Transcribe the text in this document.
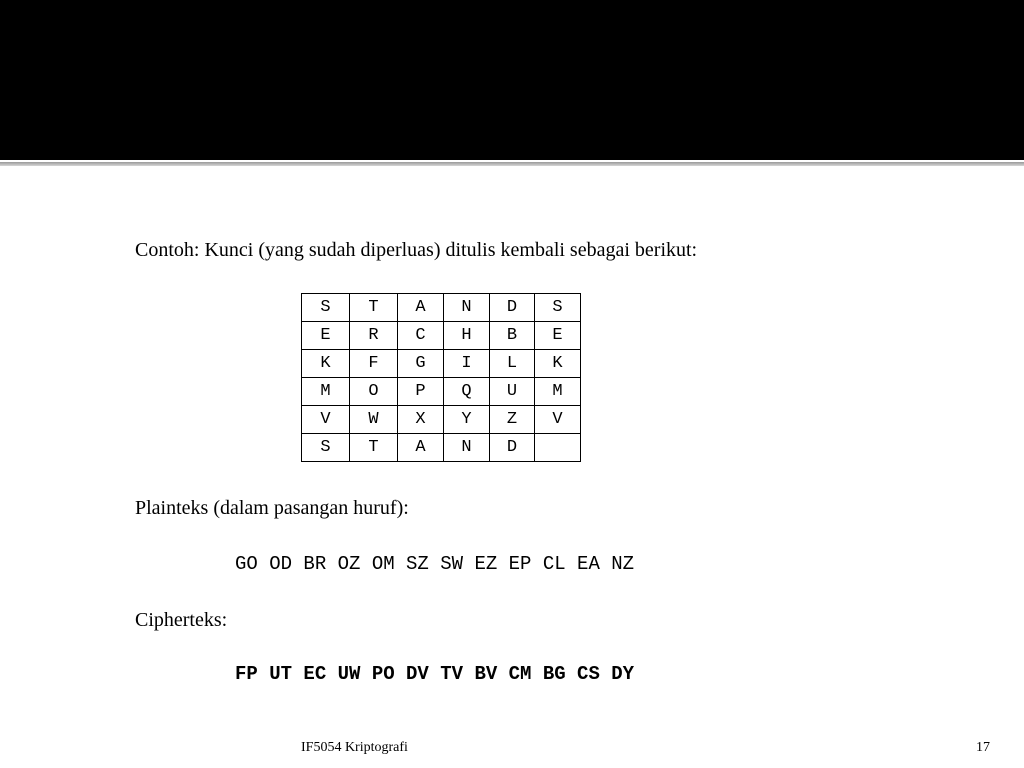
Contoh: Kunci (yang sudah diperluas) ditulis kembali sebagai berikut:
S	T	A	N	D	S
E	R	C	H	B	E
K	F	G	I	L	K
M	O	P	Q	U	M
V	W	X	Y	Z	V
S	T	A	N	D	
Plainteks (dalam pasangan huruf):
GO OD BR OZ OM SZ SW EZ EP CL EA NZ
Cipherteks:
FP UT EC UW PO DV TV BV CM BG CS DY
IF5054 Kriptografi	17
